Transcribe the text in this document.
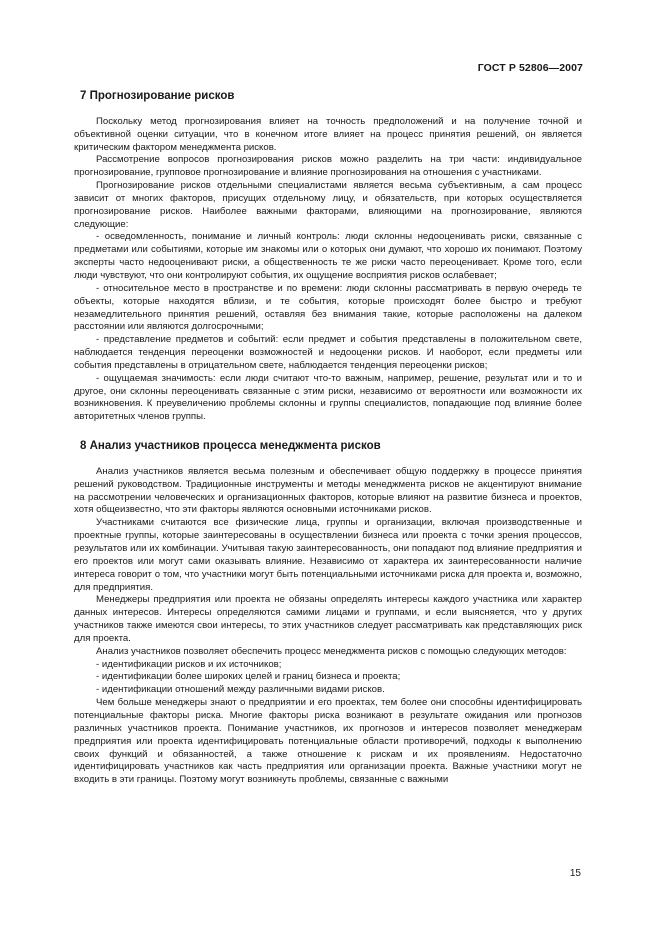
ГОСТ Р 52806—2007
7 Прогнозирование рисков

Поскольку метод прогнозирования влияет на точность предположений и на получение точной и объективной оценки ситуации, что в конечном итоге влияет на процесс принятия решений, он является критическим фактором менеджмента рисков.

Рассмотрение вопросов прогнозирования рисков можно разделить на три части: индивидуальное прогнозирование, групповое прогнозирование и влияние прогнозирования на отношения с участниками.

Прогнозирование рисков отдельными специалистами является весьма субъективным, а сам процесс зависит от многих факторов, присущих отдельному лицу, и обязательств, при которых осуществляется прогнозирование рисков. Наиболее важными факторами, влияющими на прогнозирование, являются следующие:

- осведомленность, понимание и личный контроль: люди склонны недооценивать риски, связанные с предметами или событиями, которые им знакомы или о которых они думают, что хорошо их понимают. Поэтому эксперты часто недооценивают риски, а общественность те же риски часто переоценивает. Кроме того, если люди чувствуют, что они контролируют события, их ощущение восприятия рисков ослабевает;

- относительное место в пространстве и по времени: люди склонны рассматривать в первую очередь те объекты, которые находятся вблизи, и те события, которые происходят более быстро и требуют незамедлительного принятия решений, оставляя без внимания такие, которые расположены на далеком расстоянии или являются долгосрочными;

- представление предметов и событий: если предмет и события представлены в положительном свете, наблюдается тенденция переоценки возможностей и недооценки рисков. И наоборот, если предметы или события представлены в отрицательном свете, наблюдается тенденция переоценки рисков;

- ощущаемая значимость: если люди считают что-то важным, например, решение, результат или и то и другое, они склонны переоценивать связанные с этим риски, независимо от вероятности или возможности их возникновения. К преувеличению проблемы склонны и группы специалистов, попадающие под влияние более авторитетных членов группы.

8 Анализ участников процесса менеджмента рисков

Анализ участников является весьма полезным и обеспечивает общую поддержку в процессе принятия решений руководством. Традиционные инструменты и методы менеджмента рисков не акцентируют внимание на рассмотрении человеческих и организационных факторов, которые влияют на развитие бизнеса и проектов, хотя общеизвестно, что эти факторы являются основными источниками рисков.

Участниками считаются все физические лица, группы и организации, включая производственные и проектные группы, которые заинтересованы в осуществлении бизнеса или проекта с точки зрения процессов, результатов или их комбинации. Учитывая такую заинтересованность, они попадают под влияние предприятия и его проектов или могут сами оказывать влияние. Независимо от характера их заинтересованности наличие интереса говорит о том, что участники могут быть потенциальными источниками риска для проекта и, возможно, для предприятия.

Менеджеры предприятия или проекта не обязаны определять интересы каждого участника или характер данных интересов. Интересы определяются самими лицами и группами, и если выясняется, что у других участников также имеются свои интересы, то этих участников следует рассматривать как представляющих риск для проекта.

Анализ участников позволяет обеспечить процесс менеджмента рисков с помощью следующих методов:

- идентификации рисков и их источников;

- идентификации более широких целей и границ бизнеса и проекта;

- идентификации отношений между различными видами рисков.

Чем больше менеджеры знают о предприятии и его проектах, тем более они способны идентифицировать потенциальные факторы риска. Многие факторы риска возникают в результате ожидания или прогнозов различных участников проекта. Понимание участников, их прогнозов и интересов позволяет менеджерам предприятия или проекта идентифицировать потенциальные области противоречий, подходы к выполнению своих функций и обязанностей, а также отношение к рискам и их проявлениям. Недостаточно идентифицировать участников как часть предприятия или организации проекта. Важные участники могут не входить в эти границы. Поэтому могут возникнуть проблемы, связанные с важными

15
